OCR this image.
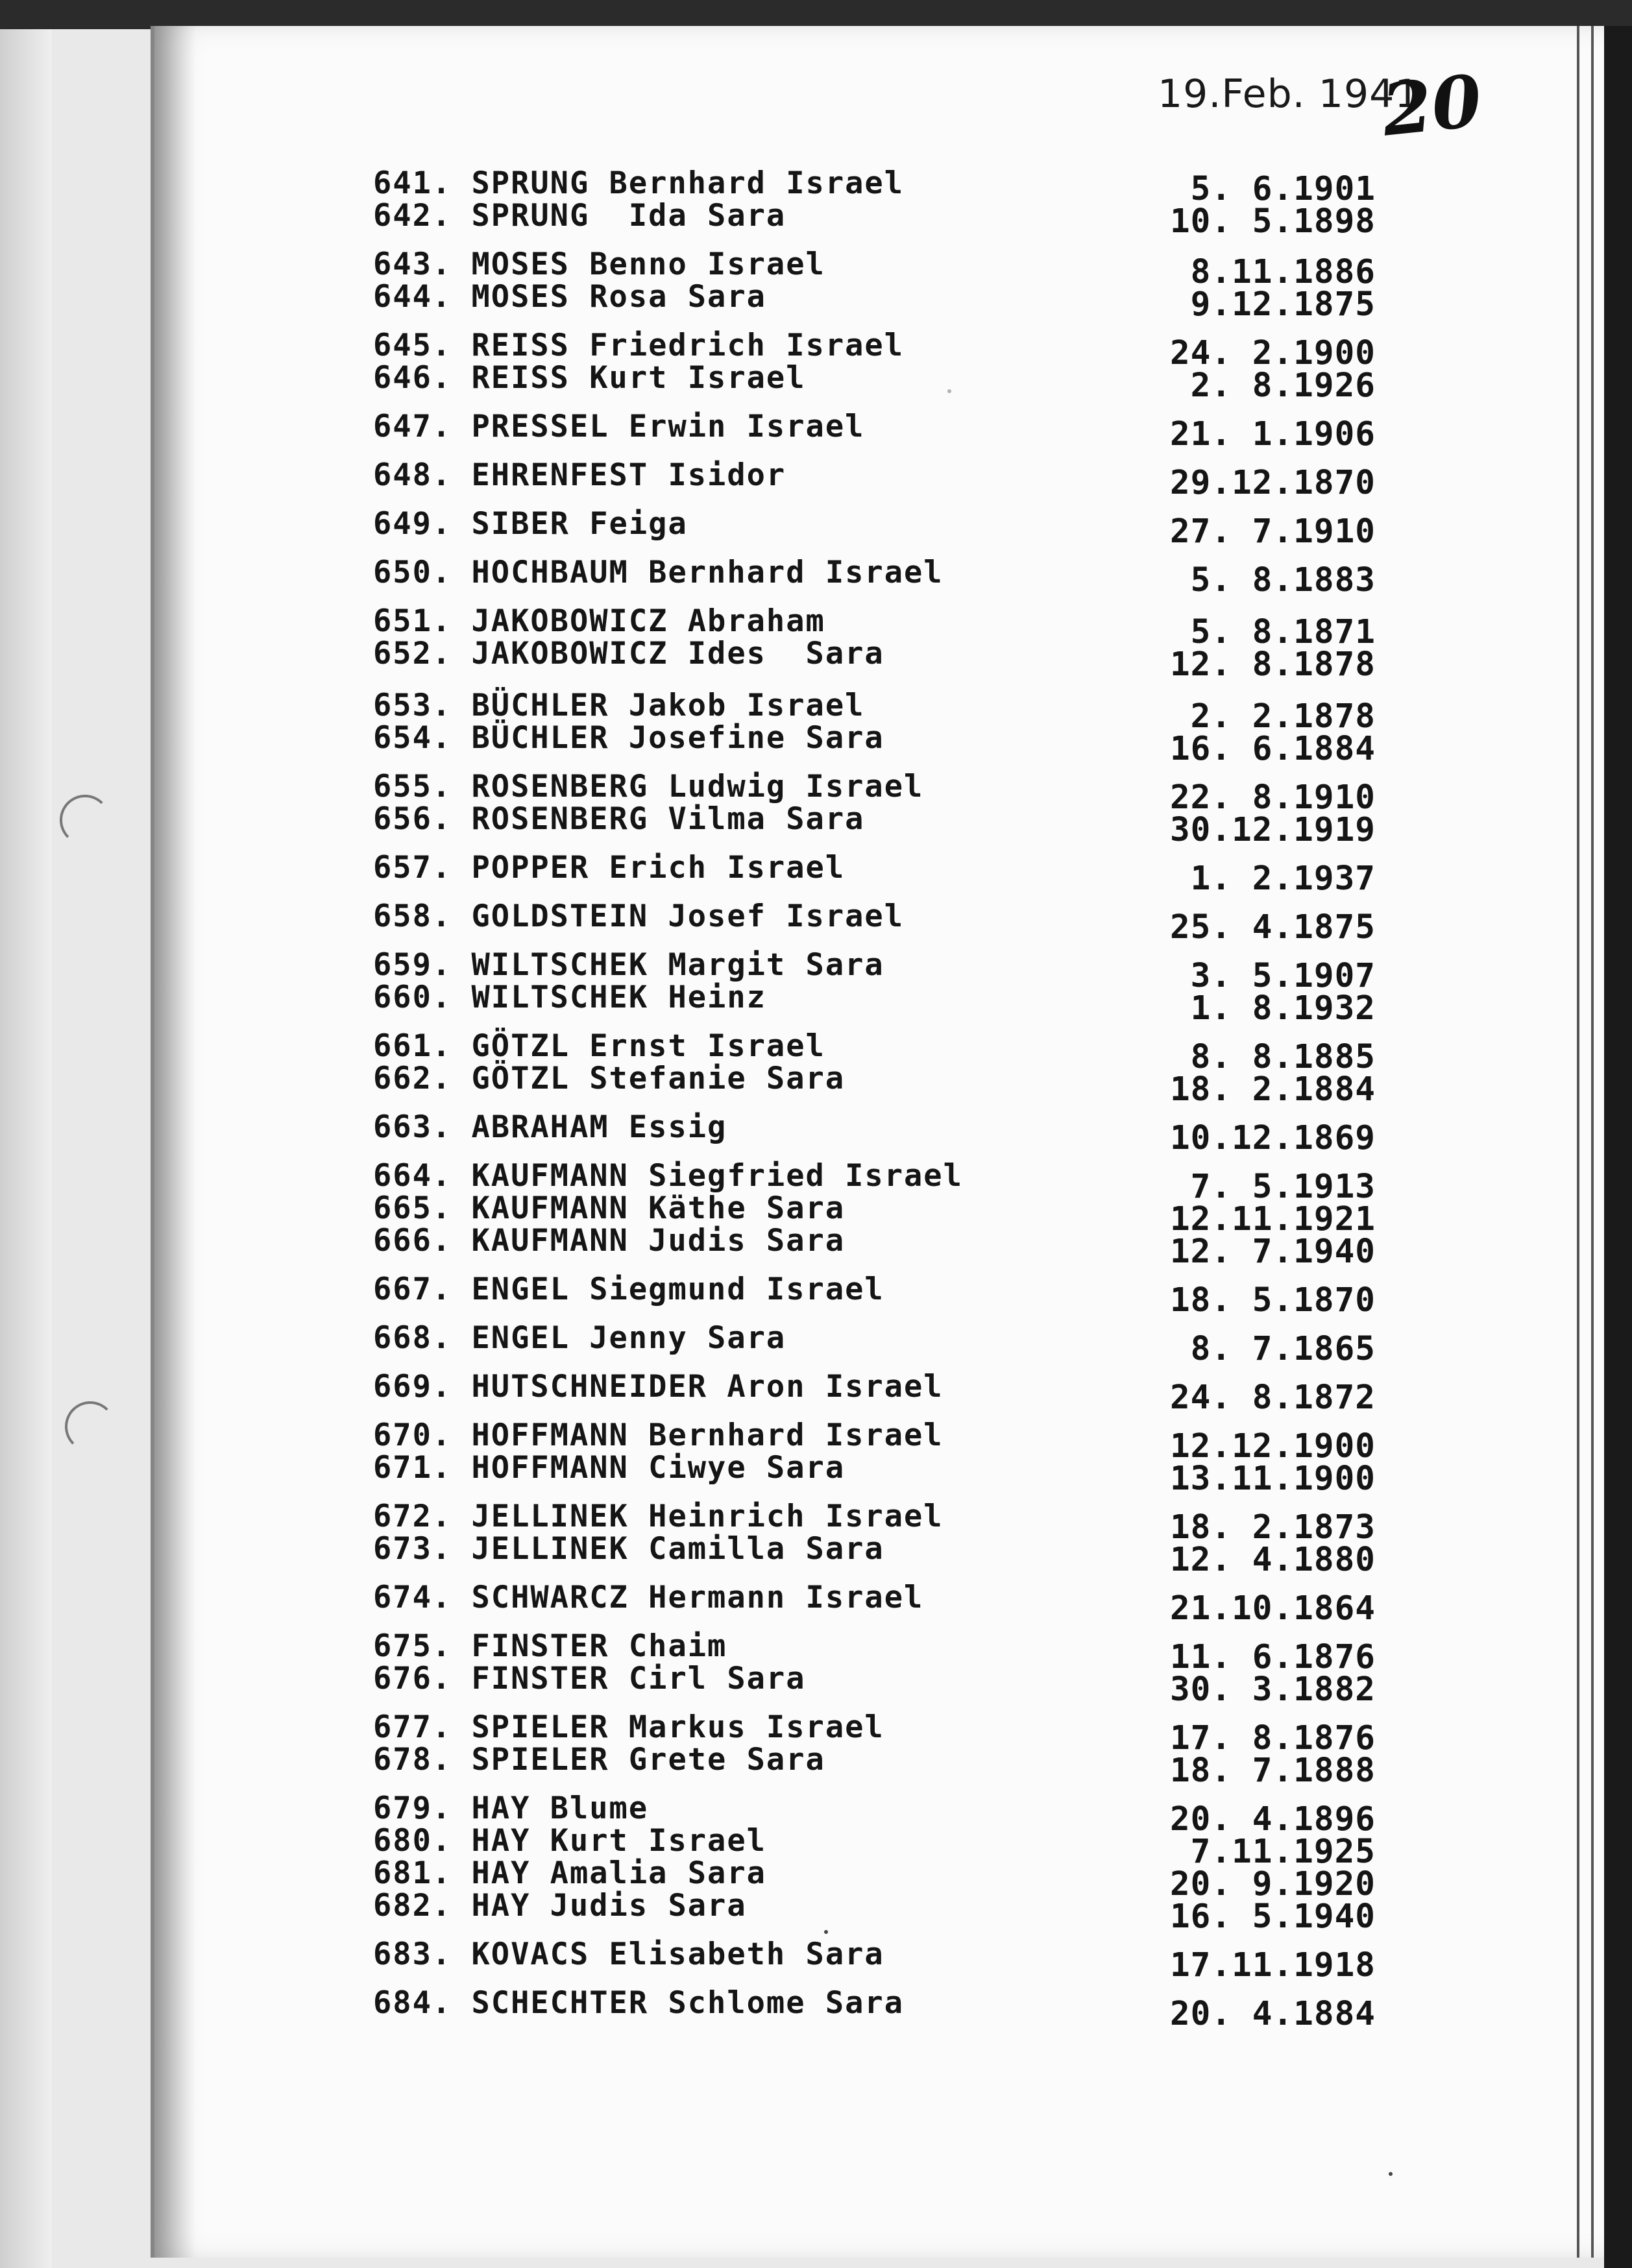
19.Feb. 1941
20
641. SPRUNG Bernhard Israel	5. 6.1901
642. SPRUNG  Ida Sara	10. 5.1898
643. MOSES Benno Israel	8.11.1886
644. MOSES Rosa Sara	9.12.1875
645. REISS Friedrich Israel	24. 2.1900
646. REISS Kurt Israel	2. 8.1926
647. PRESSEL Erwin Israel	21. 1.1906
648. EHRENFEST Isidor	29.12.1870
649. SIBER Feiga	27. 7.1910
650. HOCHBAUM Bernhard Israel	5. 8.1883
651. JAKOBOWICZ Abraham	5. 8.1871
652. JAKOBOWICZ Ides  Sara	12. 8.1878
653. BÜCHLER Jakob Israel	2. 2.1878
654. BÜCHLER Josefine Sara	16. 6.1884
655. ROSENBERG Ludwig Israel	22. 8.1910
656. ROSENBERG Vilma Sara	30.12.1919
657. POPPER Erich Israel	1. 2.1937
658. GOLDSTEIN Josef Israel	25. 4.1875
659. WILTSCHEK Margit Sara	3. 5.1907
660. WILTSCHEK Heinz	1. 8.1932
661. GÖTZL Ernst Israel	8. 8.1885
662. GÖTZL Stefanie Sara	18. 2.1884
663. ABRAHAM Essig	10.12.1869
664. KAUFMANN Siegfried Israel	7. 5.1913
665. KAUFMANN Käthe Sara	12.11.1921
666. KAUFMANN Judis Sara	12. 7.1940
667. ENGEL Siegmund Israel	18. 5.1870
668. ENGEL Jenny Sara	8. 7.1865
669. HUTSCHNEIDER Aron Israel	24. 8.1872
670. HOFFMANN Bernhard Israel	12.12.1900
671. HOFFMANN Ciwye Sara	13.11.1900
672. JELLINEK Heinrich Israel	18. 2.1873
673. JELLINEK Camilla Sara	12. 4.1880
674. SCHWARCZ Hermann Israel	21.10.1864
675. FINSTER Chaim	11. 6.1876
676. FINSTER Cirl Sara	30. 3.1882
677. SPIELER Markus Israel	17. 8.1876
678. SPIELER Grete Sara	18. 7.1888
679. HAY Blume	20. 4.1896
680. HAY Kurt Israel	7.11.1925
681. HAY Amalia Sara	20. 9.1920
682. HAY Judis Sara	16. 5.1940
683. KOVACS Elisabeth Sara	17.11.1918
684. SCHECHTER Schlome Sara	20. 4.1884
